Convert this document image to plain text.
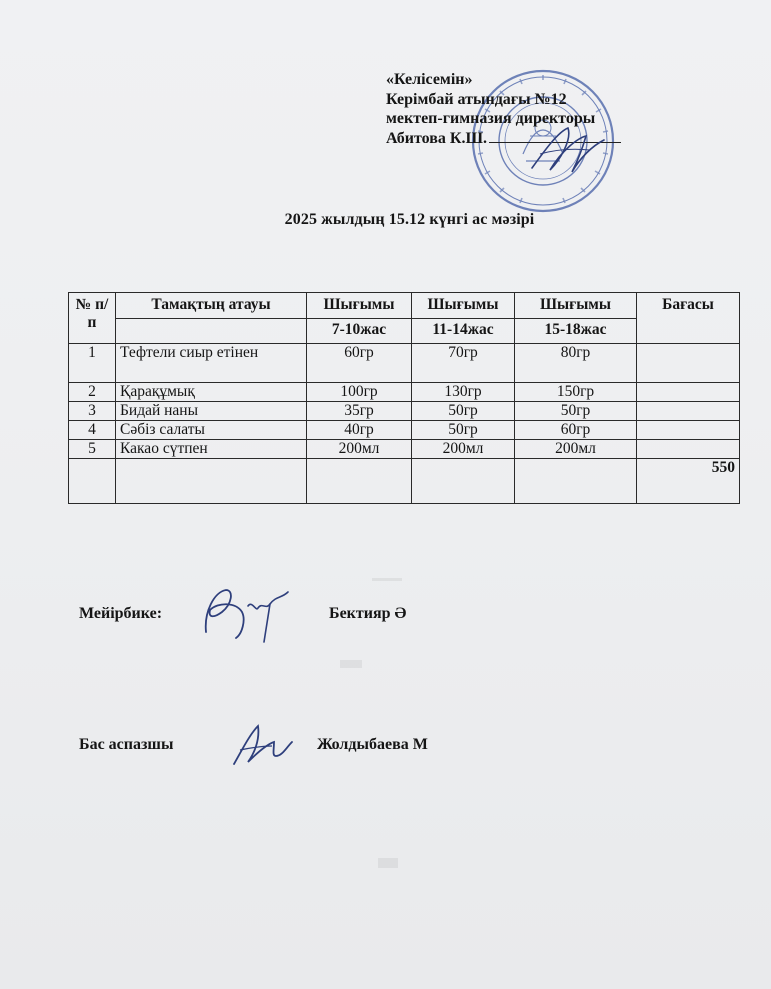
«Келісемін»
Керімбай атындағы №12
мектеп-гимназия директоры
Абитова К.Ш.
2025 жылдың 15.12 күнгі ас мәзірі
№ п/п	Тамақтың атауы	Шығымы	Шығымы	Шығымы	Бағасы
		7-10жас	11-14жас	15-18жас	
1	Тефтели сиыр етінен	60гр	70гр	80гр	
2	Қарақұмық	100гр	130гр	150гр	
3	Бидай наны	35гр	50гр	50гр	
4	Сәбіз салаты	40гр	50гр	60гр	
5	Какао сүтпен	200мл	200мл	200мл	
					550
Мейірбике:	Бектияр Ә
Бас аспазшы	Жолдыбаева М
